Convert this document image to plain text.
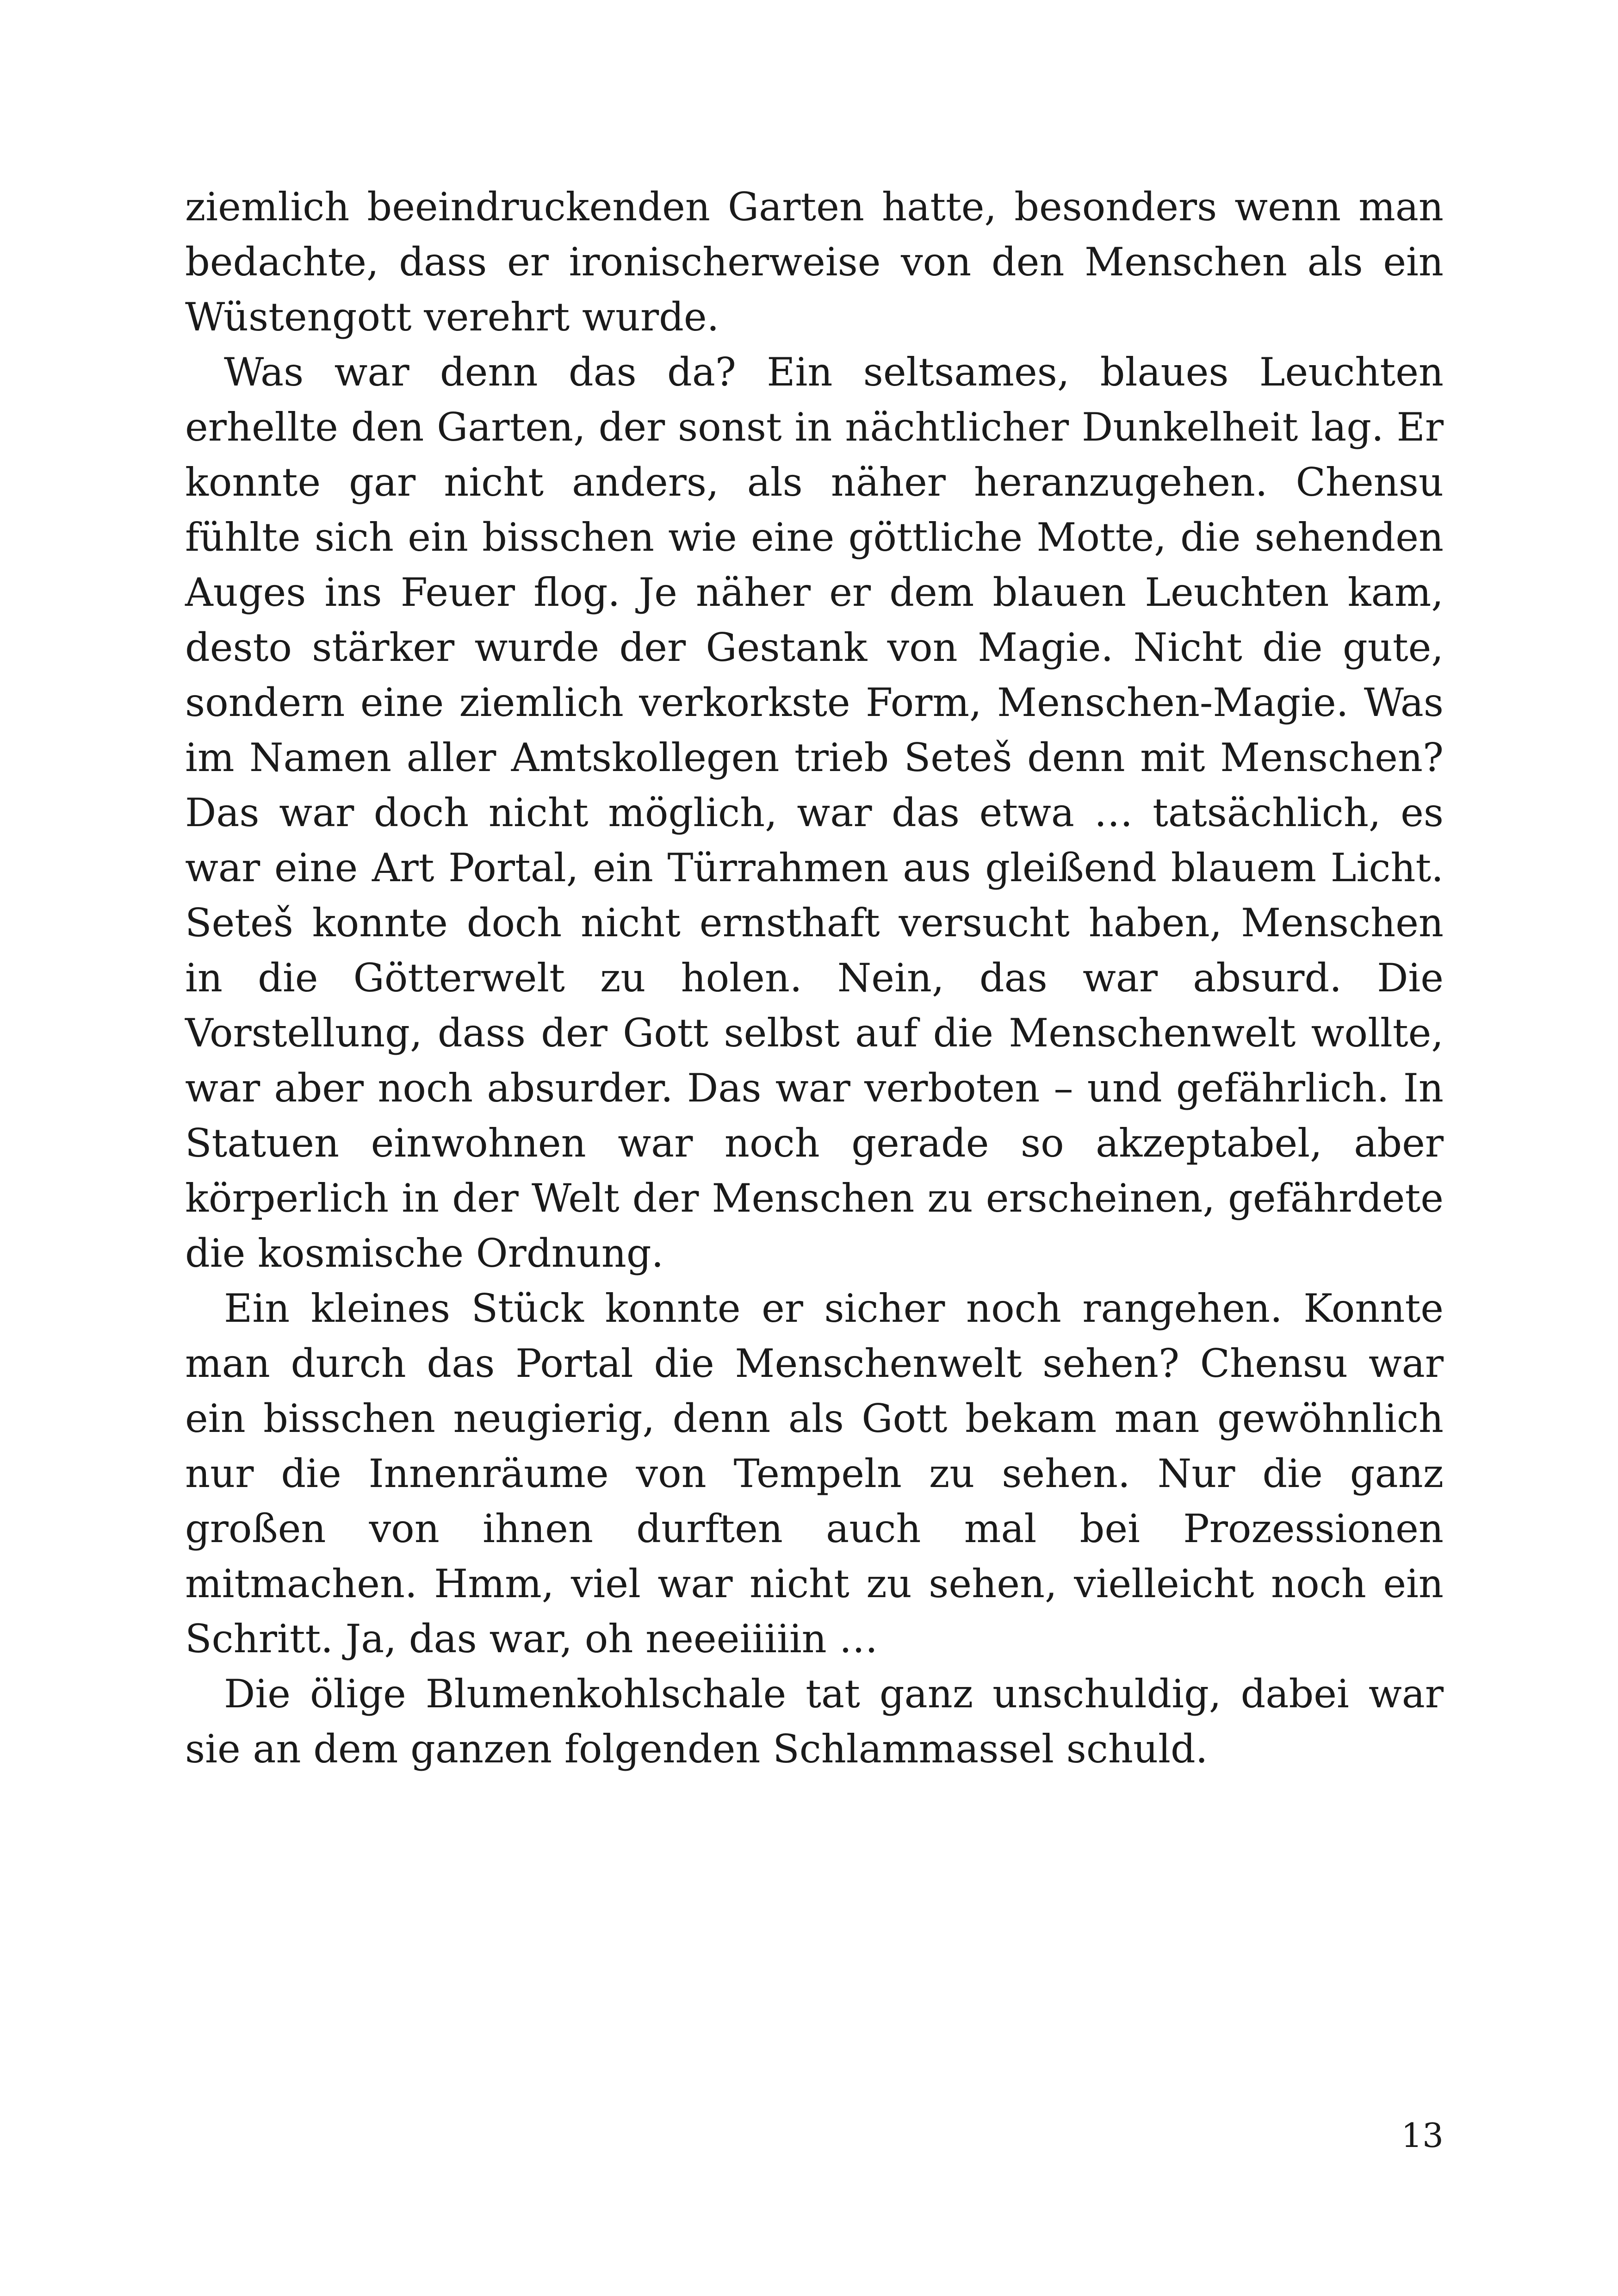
ziemlich beeindruckenden Garten hatte, besonders wenn man bedachte, dass er ironischerweise von den Menschen als ein Wüstengott verehrt wurde.

Was war denn das da? Ein seltsames, blaues Leuchten erhellte den Garten, der sonst in nächtlicher Dunkelheit lag. Er konnte gar nicht anders, als näher heranzugehen. Chensu fühlte sich ein bisschen wie eine göttliche Motte, die sehenden Auges ins Feuer flog. Je näher er dem blauen Leuchten kam, desto stärker wurde der Gestank von Magie. Nicht die gute, sondern eine ziemlich verkorkste Form, Menschen-Magie. Was im Namen aller Amtskollegen trieb Seteš denn mit Menschen? Das war doch nicht möglich, war das etwa … tatsächlich, es war eine Art Portal, ein Türrahmen aus gleißend blauem Licht. Seteš konnte doch nicht ernsthaft versucht haben, Menschen in die Götterwelt zu holen. Nein, das war absurd. Die Vorstellung, dass der Gott selbst auf die Menschenwelt wollte, war aber noch absurder. Das war verboten – und gefährlich. In Statuen einwohnen war noch gerade so akzeptabel, aber körperlich in der Welt der Menschen zu erscheinen, gefährdete die kosmische Ordnung.

Ein kleines Stück konnte er sicher noch rangehen. Konnte man durch das Portal die Menschenwelt sehen? Chensu war ein bisschen neugierig, denn als Gott bekam man gewöhnlich nur die Innenräume von Tempeln zu sehen. Nur die ganz großen von ihnen durften auch mal bei Prozessionen mitmachen. Hmm, viel war nicht zu sehen, vielleicht noch ein Schritt. Ja, das war, oh neeeiiiiin …

Die ölige Blumenkohlschale tat ganz unschuldig, dabei war sie an dem ganzen folgenden Schlammassel schuld.

13
